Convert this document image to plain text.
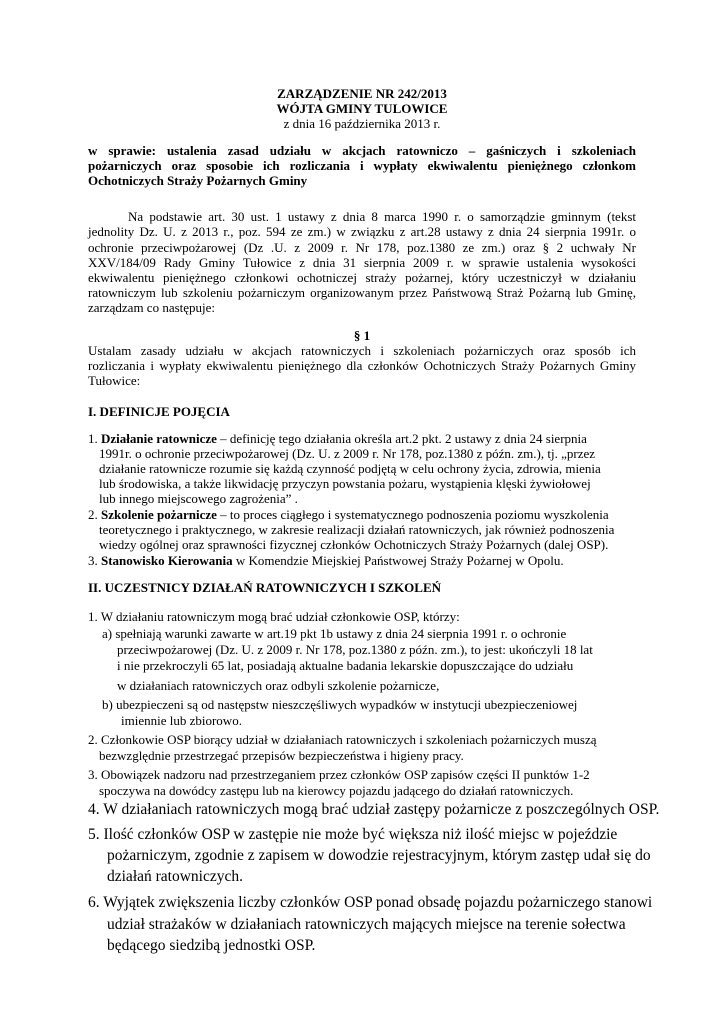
ZARZĄDZENIE NR 242/2013
WÓJTA GMINY TULOWICE
z dnia 16 października 2013 r.
w sprawie: ustalenia zasad udziału w akcjach ratowniczo – gaśniczych i szkoleniach
pożarniczych oraz sposobie ich rozliczania i wypłaty ekwiwalentu pieniężnego członkom
Ochotniczych Straży Pożarnych Gminy
Na podstawie art. 30 ust. 1 ustawy z dnia 8 marca 1990 r. o samorządzie gminnym (tekst
jednolity Dz. U. z 2013 r., poz. 594 ze zm.) w związku z art.28 ustawy z dnia 24 sierpnia 1991r. o
ochronie przeciwpożarowej (Dz .U. z 2009 r. Nr 178, poz.1380 ze zm.) oraz § 2 uchwały Nr
XXV/184/09 Rady Gminy Tułowice z dnia 31 sierpnia 2009 r. w sprawie ustalenia wysokości
ekwiwalentu pieniężnego członkowi ochotniczej straży pożarnej, który uczestniczył w działaniu
ratowniczym lub szkoleniu pożarniczym organizowanym przez Państwową Straż Pożarną lub Gminę,
zarządzam co następuje:
§ 1
Ustalam zasady udziału w akcjach ratowniczych i szkoleniach pożarniczych oraz sposób ich
rozliczania i wypłaty ekwiwalentu pieniężnego dla członków Ochotniczych Straży Pożarnych Gminy
Tułowice:
I. DEFINICJE POJĘCIA
1. Działanie ratownicze – definicję tego działania określa art.2 pkt. 2 ustawy z dnia 24 sierpnia
1991r. o ochronie przeciwpożarowej (Dz. U. z 2009 r. Nr 178, poz.1380 z późn. zm.), tj. „przez
działanie ratownicze rozumie się każdą czynność podjętą w celu ochrony życia, zdrowia, mienia
lub środowiska, a także likwidację przyczyn powstania pożaru, wystąpienia klęski żywiołowej
lub innego miejscowego zagrożenia” .
2. Szkolenie pożarnicze – to proces ciągłego i systematycznego podnoszenia poziomu wyszkolenia
teoretycznego i praktycznego, w zakresie realizacji działań ratowniczych, jak również podnoszenia
wiedzy ogólnej oraz sprawności fizycznej członków Ochotniczych Straży Pożarnych (dalej OSP).
3. Stanowisko Kierowania w Komendzie Miejskiej Państwowej Straży Pożarnej w Opolu.
II. UCZESTNICY DZIAŁAŃ RATOWNICZYCH I SZKOLEŃ
1. W działaniu ratowniczym mogą brać udział członkowie OSP, którzy:
a) spełniają warunki zawarte w art.19 pkt 1b ustawy z dnia 24 sierpnia 1991 r. o ochronie
przeciwpożarowej (Dz. U. z 2009 r. Nr 178, poz.1380 z późn. zm.), to jest: ukończyli 18 lat
i nie przekroczyli 65 lat, posiadają aktualne badania lekarskie dopuszczające do udziału
w działaniach ratowniczych oraz odbyli szkolenie pożarnicze,
b) ubezpieczeni są od następstw nieszczęśliwych wypadków w instytucji ubezpieczeniowej
imiennie lub zbiorowo.
2. Członkowie OSP biorący udział w działaniach ratowniczych i szkoleniach pożarniczych muszą
bezwzględnie przestrzegać przepisów bezpieczeństwa i higieny pracy.
3. Obowiązek nadzoru nad przestrzeganiem przez członków OSP zapisów części II punktów 1-2
spoczywa na dowódcy zastępu lub na kierowcy pojazdu jadącego do działań ratowniczych.
4. W działaniach ratowniczych mogą brać udział zastępy pożarnicze z poszczególnych OSP.
5. Ilość członków OSP w zastępie nie może być większa niż ilość miejsc w pojeździe
pożarniczym, zgodnie z zapisem w dowodzie rejestracyjnym, którym zastęp udał się do
działań ratowniczych.
6. Wyjątek zwiększenia liczby członków OSP ponad obsadę pojazdu pożarniczego stanowi
udział strażaków w działaniach ratowniczych mających miejsce na terenie sołectwa
będącego siedzibą jednostki OSP.
